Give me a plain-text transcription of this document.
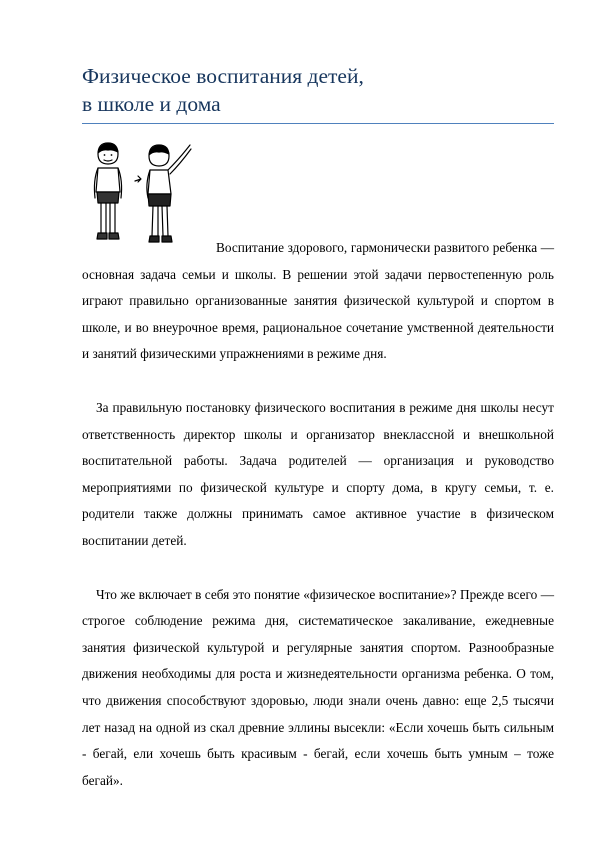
Физическое воспитания детей,
в школе и дома

Воспитание здорового, гармонически развитого ребенка — основная задача семьи и школы. В решении этой задачи первостепенную роль играют правильно организованные занятия физической культурой и спортом в школе, и во внеурочное время, рациональное сочетание умственной деятельности и занятий физическими упражнениями в режиме дня.

За правильную постановку физического воспитания в режиме дня школы несут ответственность директор школы и организатор внеклассной и внешкольной воспитательной работы. Задача родителей — организация и руководство мероприятиями по физической культуре и спорту дома, в кругу семьи, т. е. родители также должны принимать самое активное участие в физическом воспитании детей.

Что же включает в себя это понятие «физическое воспитание»? Прежде всего — строгое соблюдение режима дня, систематическое закаливание, ежедневные занятия физической культурой и регулярные занятия спортом. Разнообразные движения необходимы для роста и жизнедеятельности организма ребенка. О том, что движения способствуют здоровью, люди знали очень давно: еще 2,5 тысячи лет назад на одной из скал древние эллины высекли: «Если хочешь быть сильным - бегай, ели хочешь быть красивым - бегай, если хочешь быть умным – тоже бегай».
